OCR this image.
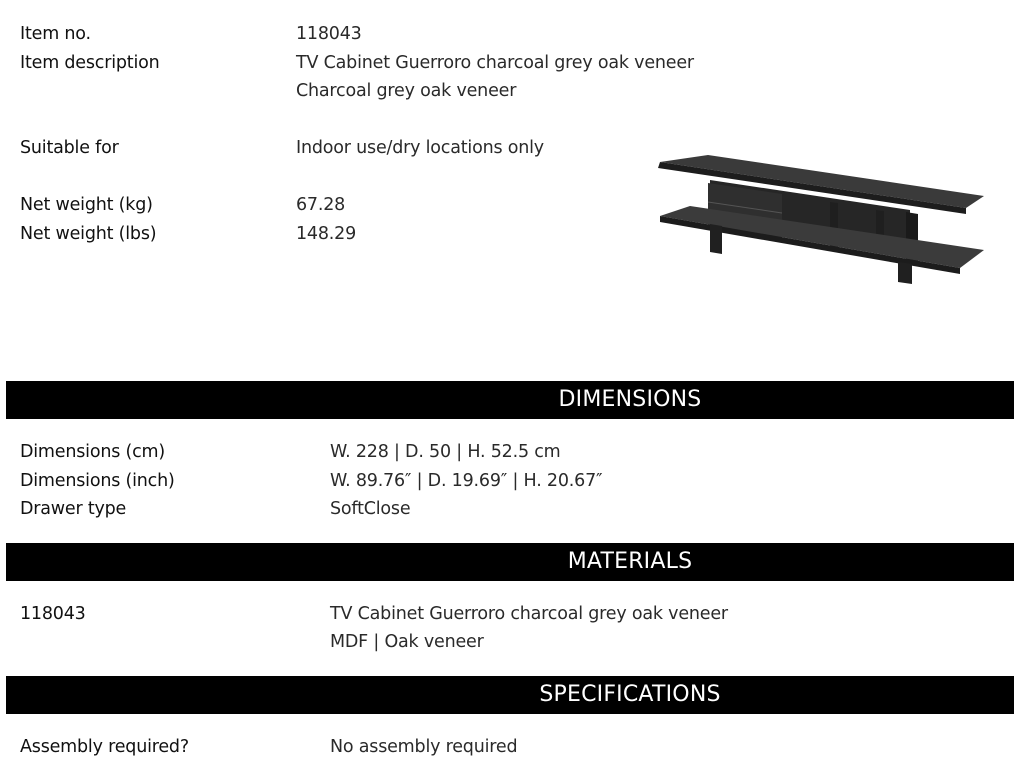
Item no.	118043
Item description	TV Cabinet Guerroro charcoal grey oak veneer
Charcoal grey oak veneer
Suitable for	Indoor use/dry locations only
Net weight (kg)	67.28
Net weight (lbs)	148.29
DIMENSIONS
Dimensions (cm)	W. 228 | D. 50 | H. 52.5 cm
Dimensions (inch)	W. 89.76″ | D. 19.69″ | H. 20.67″
Drawer type	SoftClose
MATERIALS
118043	TV Cabinet Guerroro charcoal grey oak veneer
MDF | Oak veneer
SPECIFICATIONS
Assembly required?	No assembly required
